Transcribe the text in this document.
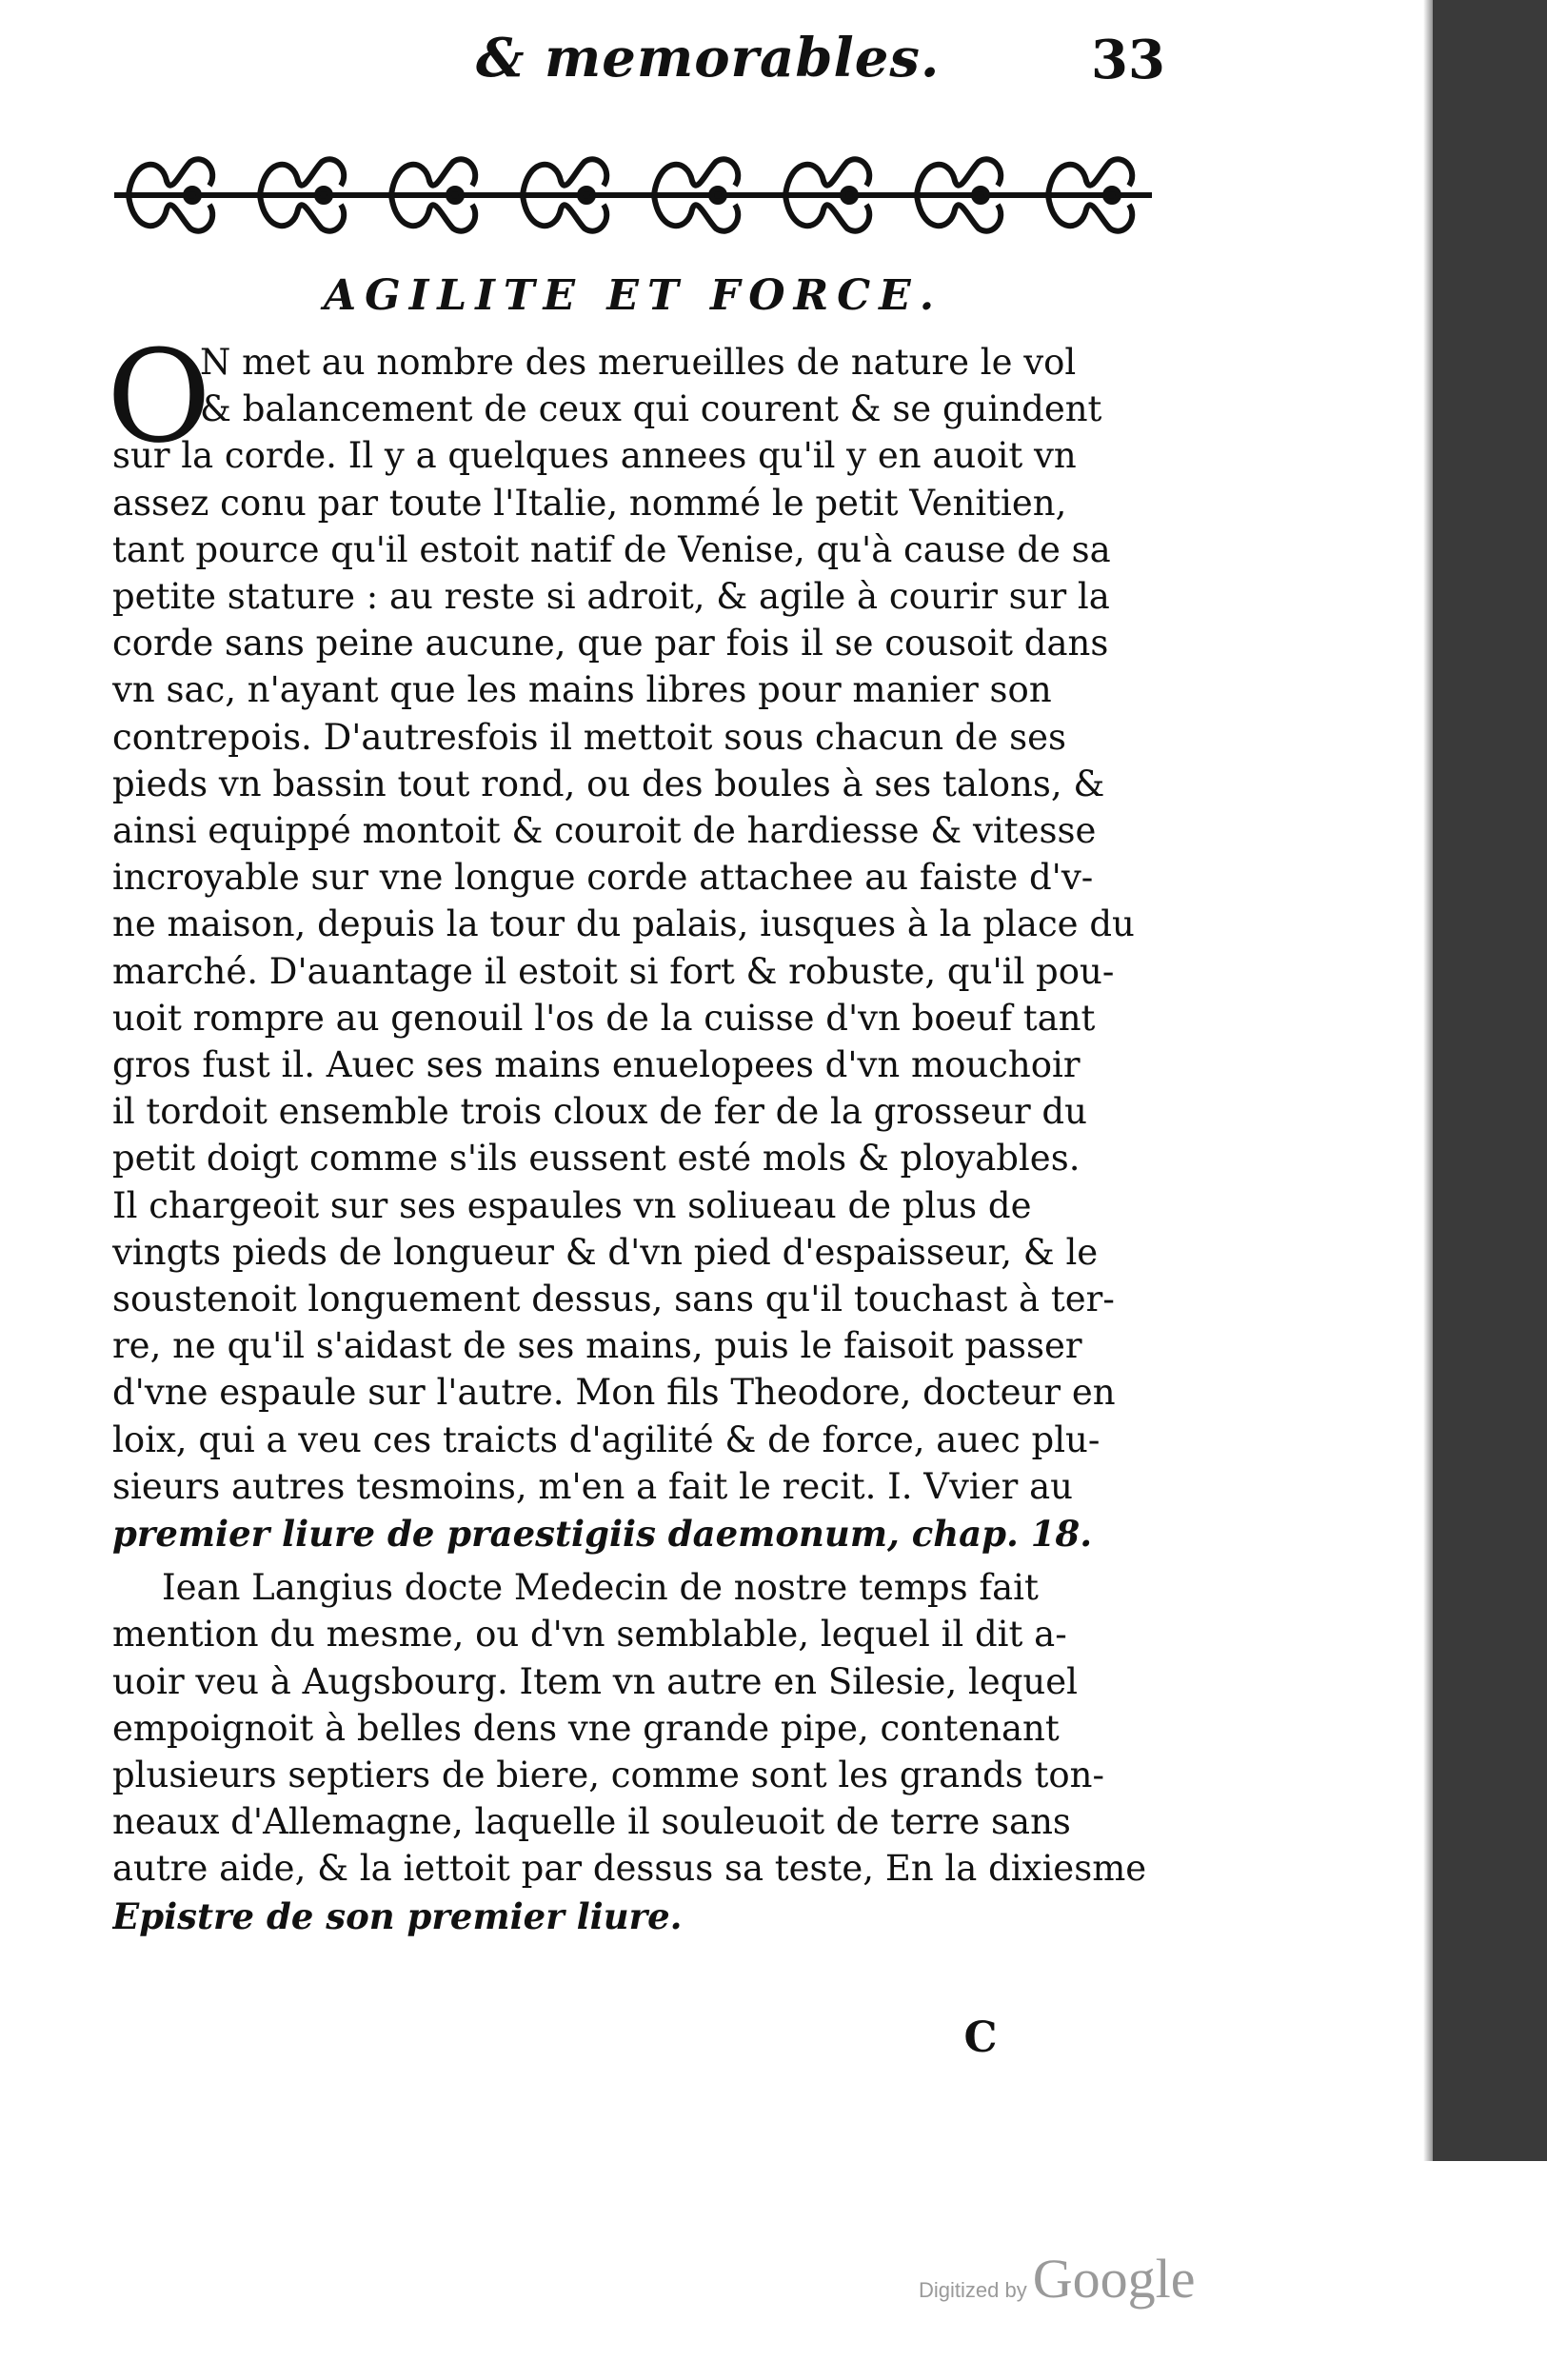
& memorables.	33
AGILITE ET FORCE.
O
N met au nombre des merueilles de nature le vol
& balancement de ceux qui courent & se guindent
sur la corde. Il y a quelques annees qu'il y en auoit vn
assez conu par toute l'Italie, nommé le petit Venitien,
tant pource qu'il estoit natif de Venise, qu'à cause de sa
petite stature : au reste si adroit, & agile à courir sur la
corde sans peine aucune, que par fois il se cousoit dans
vn sac, n'ayant que les mains libres pour manier son
contrepois. D'autresfois il mettoit sous chacun de ses
pieds vn bassin tout rond, ou des boules à ses talons, &
ainsi equippé montoit & couroit de hardiesse & vitesse
incroyable sur vne longue corde attachee au faiste d'v-
ne maison, depuis la tour du palais, iusques à la place du
marché. D'auantage il estoit si fort & robuste, qu'il pou-
uoit rompre au genouil l'os de la cuisse d'vn boeuf tant
gros fust il. Auec ses mains enuelopees d'vn mouchoir
il tordoit ensemble trois cloux de fer de la grosseur du
petit doigt comme s'ils eussent esté mols & ployables.
Il chargeoit sur ses espaules vn soliueau de plus de
vingts pieds de longueur & d'vn pied d'espaisseur, & le
soustenoit longuement dessus, sans qu'il touchast à ter-
re, ne qu'il s'aidast de ses mains, puis le faisoit passer
d'vne espaule sur l'autre. Mon fils Theodore, docteur en
loix, qui a veu ces traicts d'agilité & de force, auec plu-
sieurs autres tesmoins, m'en a fait le recit. I. Vvier au
premier liure de praestigiis daemonum, chap. 18.
Iean Langius docte Medecin de nostre temps fait
mention du mesme, ou d'vn semblable, lequel il dit a-
uoir veu à Augsbourg. Item vn autre en Silesie, lequel
empoignoit à belles dens vne grande pipe, contenant
plusieurs septiers de biere, comme sont les grands ton-
neaux d'Allemagne, laquelle il souleuoit de terre sans
autre aide, & la iettoit par dessus sa teste, En la dixiesme
Epistre de son premier liure.
C
Digitized by Google
